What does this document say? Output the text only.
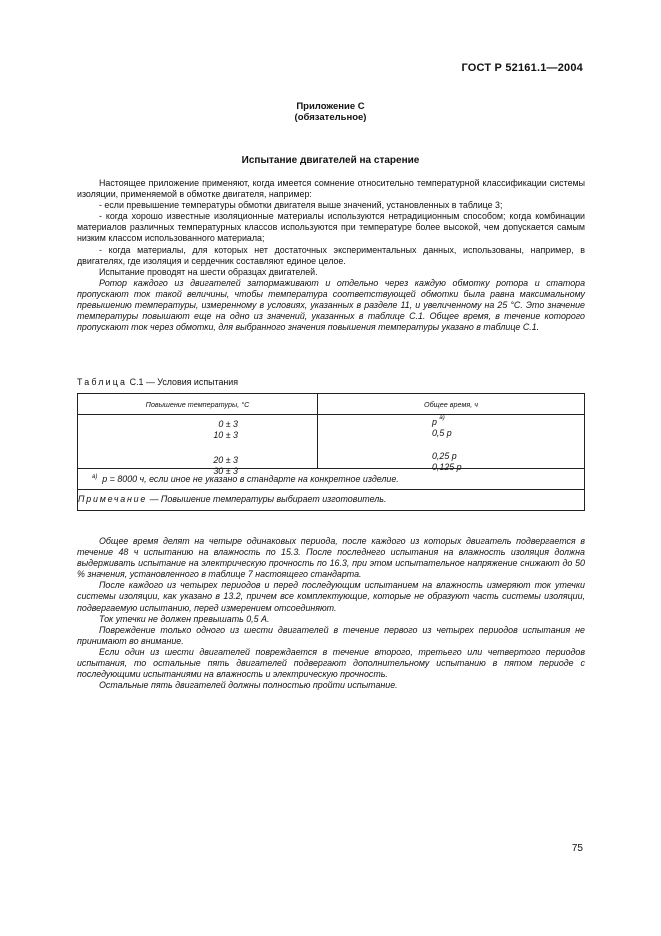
ГОСТ Р 52161.1—2004
Приложение С
(обязательное)
Испытание двигателей на старение

Настоящее приложение применяют, когда имеется сомнение относительно температурной классификации системы изоляции, применяемой в обмотке двигателя, например:

- если превышение температуры обмотки двигателя выше значений, установленных в таблице 3;

- когда хорошо известные изоляционные материалы используются нетрадиционным способом; когда комбинации материалов различных температурных классов используются при температуре более высокой, чем допускается самым низким классом использованного материала;

- когда материалы, для которых нет достаточных экспериментальных данных, использованы, например, в двигателях, где изоляция и сердечник составляют единое целое.

Испытание проводят на шести образцах двигателей.

Ротор каждого из двигателей затормаживают и отдельно через каждую обмотку ротора и статора пропускают ток такой величины, чтобы температура соответствующей обмотки была равна максимальному превышению температуры, измеренному в условиях, указанных в разделе 11, и увеличенному на 25 °С. Это значение температуры повышают еще на одно из значений, указанных в таблице С.1. Общее время, в течение которого пропускают ток через обмотки, для выбранного значения повышения температуры указано в таблице С.1.

Таблица С.1 — Условия испытания
Повышение температуры, °С	Общее время, ч
0 ± 3
10 ± 3
20 ± 3
30 ± 3
p $^{а)}$
0,5 p
0,25 p
0,125 p
$^{а)}$ p = 8000 ч, если иное не указано в стандарте на конкретное изделие.
Примечание — Повышение температуры выбирает изготовитель.

Общее время делят на четыре одинаковых периода, после каждого из которых двигатель подвергается в течение 48 ч испытанию на влажность по 15.3. После последнего испытания на влажность изоляция должна выдерживать испытание на электрическую прочность по 16.3, при этом испытательное напряжение снижают до 50 % значения, установленного в таблице 7 настоящего стандарта.

После каждого из четырех периодов и перед последующим испытанием на влажность измеряют ток утечки системы изоляции, как указано в 13.2, причем все комплектующие, которые не образуют часть системы изоляции, подвергаемую испытанию, перед измерением отсоединяют.

Ток утечки не должен превышать 0,5 А.

Повреждение только одного из шести двигателей в течение первого из четырех периодов испытания не принимают во внимание.

Если один из шести двигателей повреждается в течение второго, третьего или четвертого периодов испытания, то остальные пять двигателей подвергают дополнительному испытанию в пятом периоде с последующими испытаниями на влажность и электрическую прочность.

Остальные пять двигателей должны полностью пройти испытание.

75
